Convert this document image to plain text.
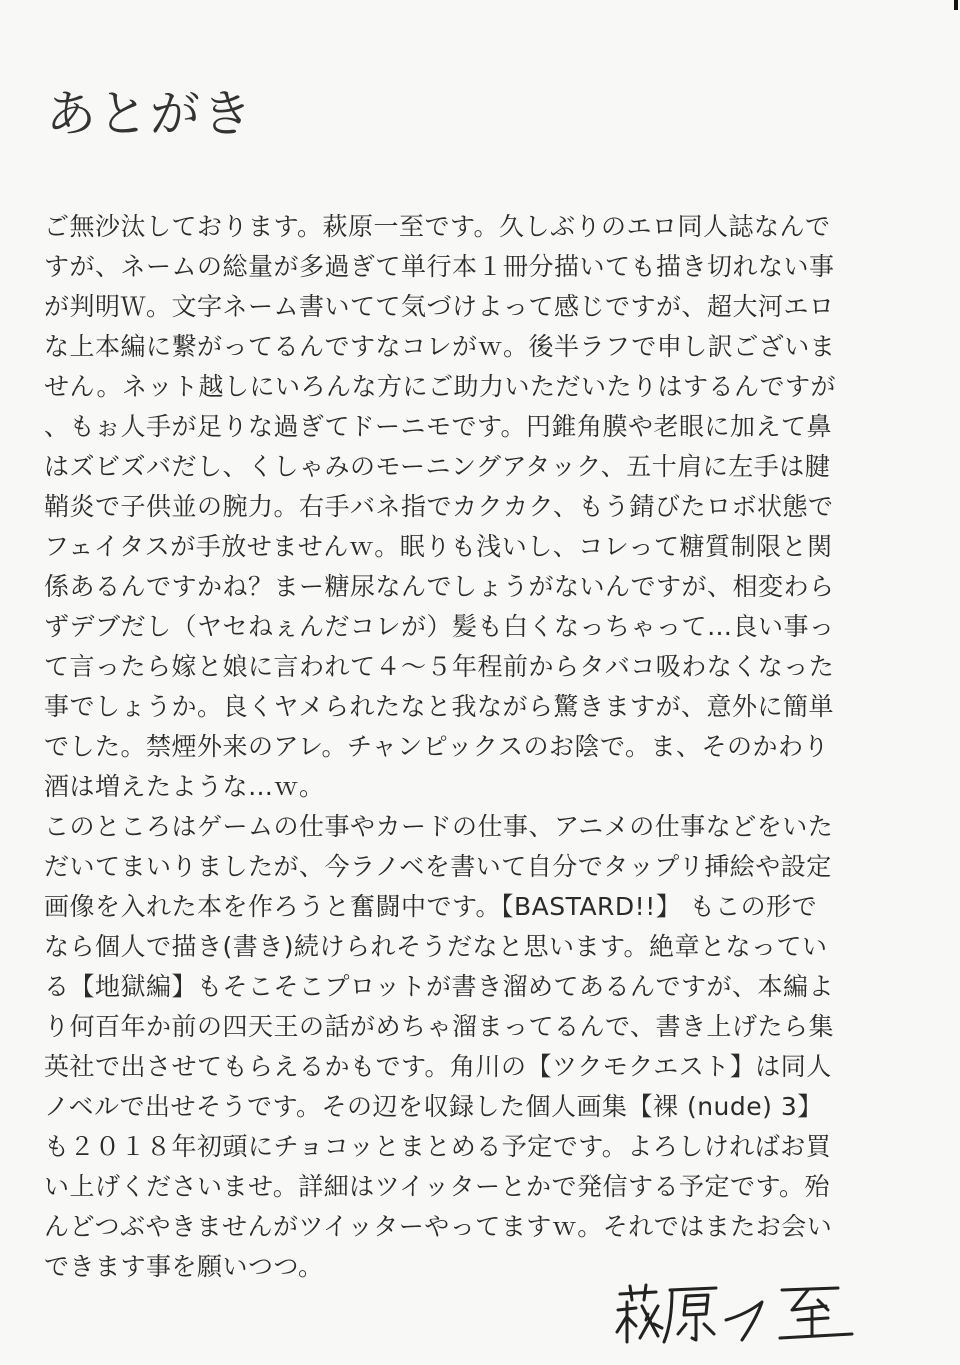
あとがき
ご無沙汰しております。萩原一至です。久しぶりのエロ同人誌なんで
すが、ネームの総量が多過ぎて単行本１冊分描いても描き切れない事
が判明Ｗ。文字ネーム書いてて気づけよって感じですが、超大河エロ
な上本編に繋がってるんですなコレがｗ。後半ラフで申し訳ございま
せん。ネット越しにいろんな方にご助力いただいたりはするんですが
、もぉ人手が足りな過ぎてドーニモです。円錐角膜や老眼に加えて鼻
はズビズバだし、くしゃみのモーニングアタック、五十肩に左手は腱
鞘炎で子供並の腕力。右手バネ指でカクカク、もう錆びたロボ状態で
フェイタスが手放せませんｗ。眠りも浅いし、コレって糖質制限と関
係あるんですかね？まー糖尿なんでしょうがないんですが、相変わら
ずデブだし（ヤセねぇんだコレが）髪も白くなっちゃって…良い事っ
て言ったら嫁と娘に言われて４～５年程前からタバコ吸わなくなった
事でしょうか。良くヤメられたなと我ながら驚きますが、意外に簡単
でした。禁煙外来のアレ。チャンピックスのお陰で。ま、そのかわり
酒は増えたような…ｗ。
このところはゲームの仕事やカードの仕事、アニメの仕事などをいた
だいてまいりましたが、今ラノベを書いて自分でタップリ挿絵や設定
画像を入れた本を作ろうと奮闘中です。【BASTARD!!】 もこの形で
なら個人で描き(書き)続けられそうだなと思います。絶章となってい
る【地獄編】もそこそこプロットが書き溜めてあるんですが、本編よ
り何百年か前の四天王の話がめちゃ溜まってるんで、書き上げたら集
英社で出させてもらえるかもです。角川の【ツクモクエスト】は同人
ノベルで出せそうです。その辺を収録した個人画集【裸 (nude) 3】
も２０１８年初頭にチョコッとまとめる予定です。よろしければお買
い上げくださいませ。詳細はツイッターとかで発信する予定です。殆
んどつぶやきませんがツイッターやってますｗ。それではまたお会い
できます事を願いつつ。
